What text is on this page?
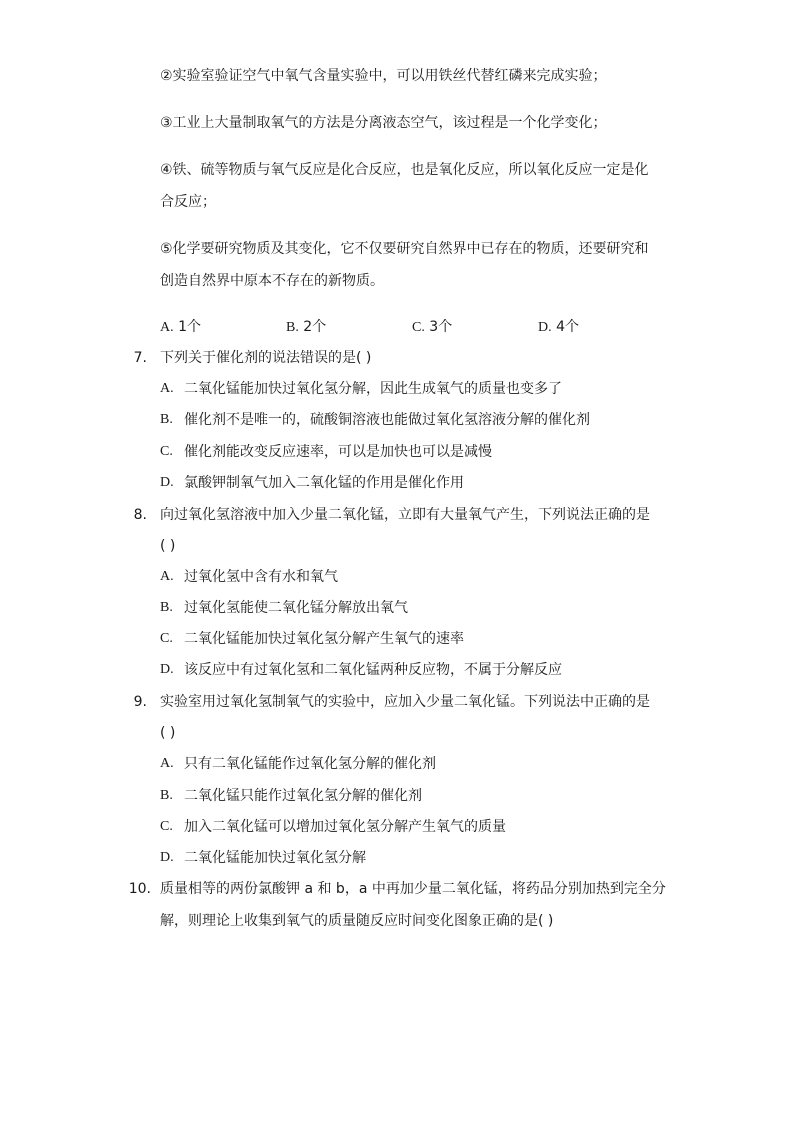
②实验室验证空气中氧气含量实验中，可以用铁丝代替红磷来完成实验；
③工业上大量制取氧气的方法是分离液态空气，该过程是一个化学变化；
④铁、硫等物质与氧气反应是化合反应，也是氧化反应，所以氧化反应一定是化
合反应；
⑤化学要研究物质及其变化，它不仅要研究自然界中已存在的物质，还要研究和
创造自然界中原本不存在的新物质。
A. 1个	B. 2个	C. 3个	D. 4个
7. 下列关于催化剂的说法错误的是( )
A. 二氧化锰能加快过氧化氢分解，因此生成氧气的质量也变多了
B. 催化剂不是唯一的，硫酸铜溶液也能做过氧化氢溶液分解的催化剂
C. 催化剂能改变反应速率，可以是加快也可以是减慢
D. 氯酸钾制氧气加入二氧化锰的作用是催化作用
8. 向过氧化氢溶液中加入少量二氧化锰，立即有大量氧气产生，下列说法正确的是
( )
A. 过氧化氢中含有水和氧气
B. 过氧化氢能使二氧化锰分解放出氧气
C. 二氧化锰能加快过氧化氢分解产生氧气的速率
D. 该反应中有过氧化氢和二氧化锰两种反应物，不属于分解反应
9. 实验室用过氧化氢制氧气的实验中，应加入少量二氧化锰。下列说法中正确的是
( )
A. 只有二氧化锰能作过氧化氢分解的催化剂
B. 二氧化锰只能作过氧化氢分解的催化剂
C. 加入二氧化锰可以增加过氧化氢分解产生氧气的质量
D. 二氧化锰能加快过氧化氢分解
10. 质量相等的两份氯酸钾 a 和 b，a 中再加少量二氧化锰，将药品分别加热到完全分
解，则理论上收集到氧气的质量随反应时间变化图象正确的是( )
